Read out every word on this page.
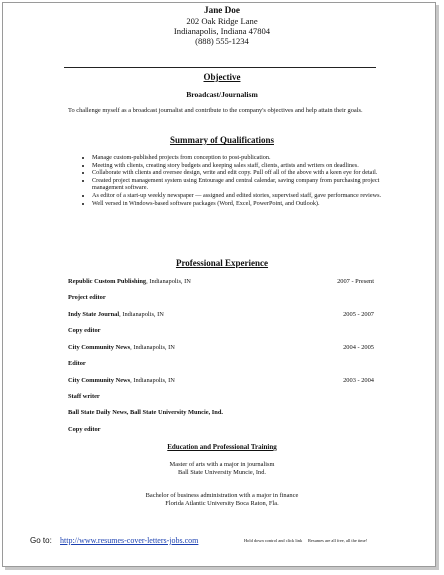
Jane Doe
202 Oak Ridge Lane
Indianapolis, Indiana 47804
(888) 555-1234
Objective
Broadcast/Journalism
To challenge myself as a broadcast journalist and contribute to the company's objectives and help attain their goals.
Summary of Qualifications
• Manage custom-published projects from conception to post-publication.
• Meeting with clients, creating story budgets and keeping sales staff, clients, artists and writers on deadlines.
• Collaborate with clients and oversee design, write and edit copy. Pull off all of the above with a keen eye for detail.
• Created project management system using Entourage and central calendar, saving company from purchasing project management software.
• As editor of a start-up weekly newspaper — assigned and edited stories, supervised staff, gave performance reviews.
• Well versed in Windows-based software packages (Word, Excel, PowerPoint, and Outlook).
Professional Experience
Republic Custom Publishing, Indianapolis, IN	2007 - Present
Project editor
Indy State Journal, Indianapolis, IN	2005 - 2007
Copy editor
City Community News, Indianapolis, IN	2004 - 2005
Editor
City Community News, Indianapolis, IN	2003 - 2004
Staff writer
Ball State Daily News, Ball State University Muncie, Ind.
Copy editor
Education and Professional Training
Master of arts with a major in journalism
Ball State University Muncie, Ind.
Bachelor of business administration with a major in finance
Florida Atlantic University Boca Raton, Fla.
Go to: http://www.resumes-cover-letters-jobs.com	Hold down control and click link Resumes are all free, all the time!
